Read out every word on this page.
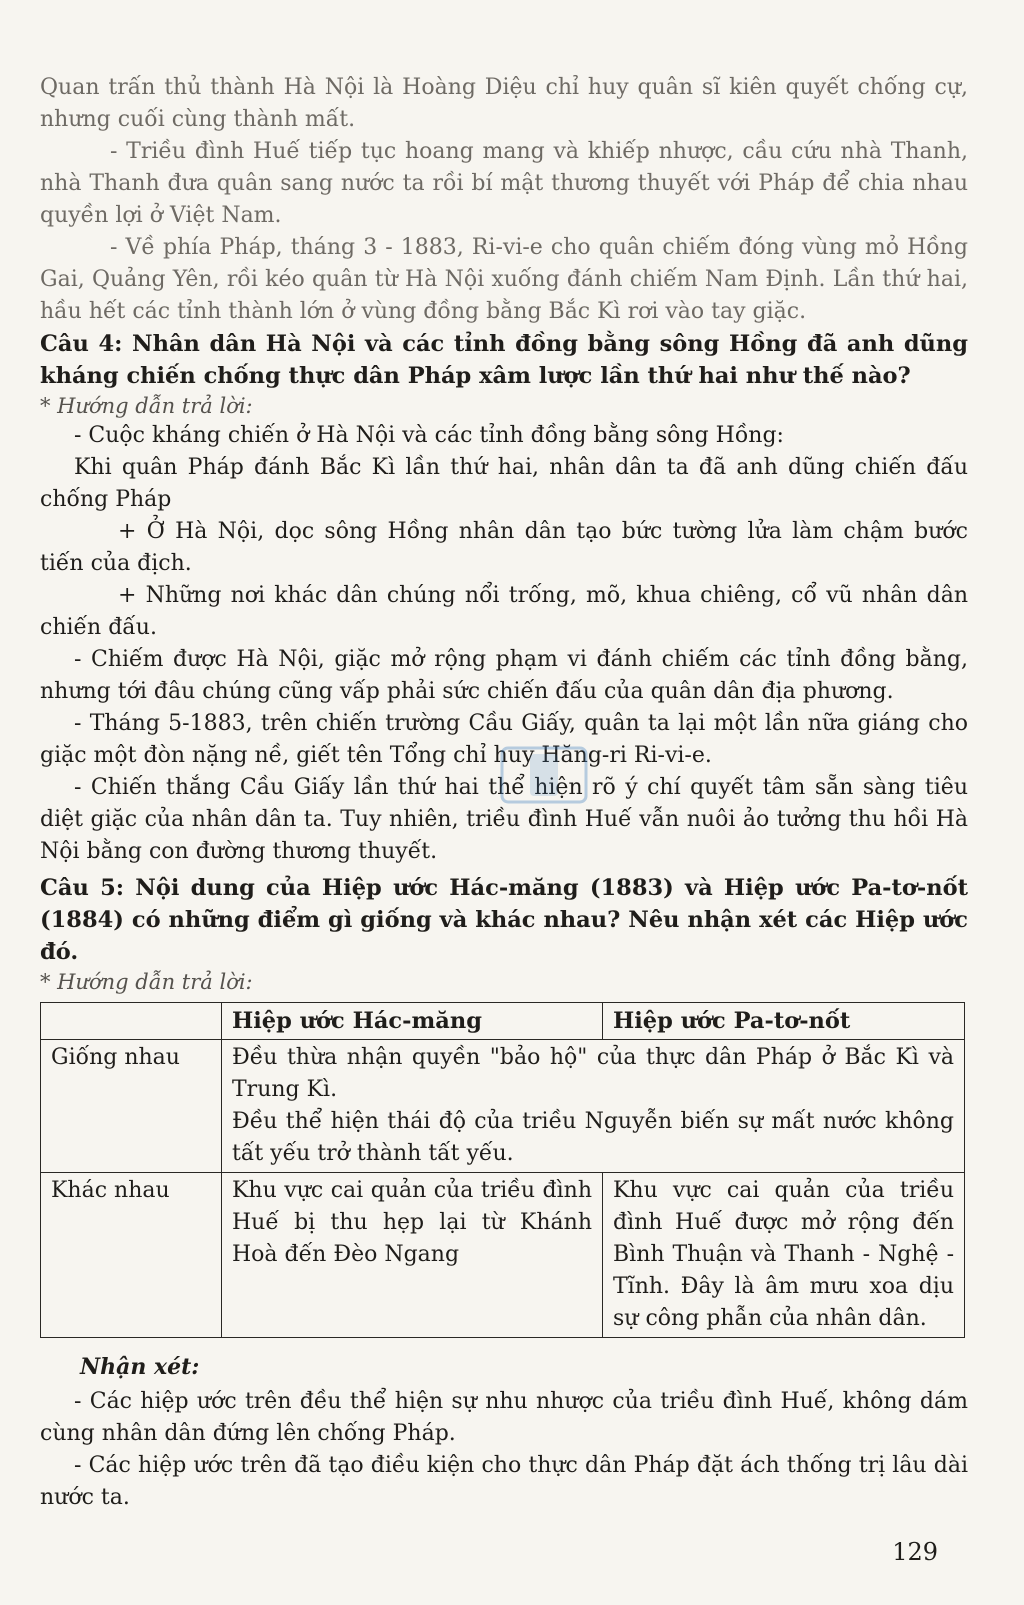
Quan trấn thủ thành Hà Nội là Hoàng Diệu chỉ huy quân sĩ kiên quyết chống cự, nhưng cuối cùng thành mất.

- Triều đình Huế tiếp tục hoang mang và khiếp nhược, cầu cứu nhà Thanh, nhà Thanh đưa quân sang nước ta rồi bí mật thương thuyết với Pháp để chia nhau quyền lợi ở Việt Nam.

- Về phía Pháp, tháng 3 - 1883, Ri-vi-e cho quân chiếm đóng vùng mỏ Hồng Gai, Quảng Yên, rồi kéo quân từ Hà Nội xuống đánh chiếm Nam Định. Lần thứ hai, hầu hết các tỉnh thành lớn ở vùng đồng bằng Bắc Kì rơi vào tay giặc.

Câu 4: Nhân dân Hà Nội và các tỉnh đồng bằng sông Hồng đã anh dũng kháng chiến chống thực dân Pháp xâm lược lần thứ hai như thế nào?

* Hướng dẫn trả lời:

- Cuộc kháng chiến ở Hà Nội và các tỉnh đồng bằng sông Hồng:

Khi quân Pháp đánh Bắc Kì lần thứ hai, nhân dân ta đã anh dũng chiến đấu chống Pháp

+ Ở Hà Nội, dọc sông Hồng nhân dân tạo bức tường lửa làm chậm bước tiến của địch.

+ Những nơi khác dân chúng nổi trống, mõ, khua chiêng, cổ vũ nhân dân chiến đấu.

- Chiếm được Hà Nội, giặc mở rộng phạm vi đánh chiếm các tỉnh đồng bằng, nhưng tới đâu chúng cũng vấp phải sức chiến đấu của quân dân địa phương.

- Tháng 5-1883, trên chiến trường Cầu Giấy, quân ta lại một lần nữa giáng cho giặc một đòn nặng nề, giết tên Tổng chỉ huy Hăng-ri Ri-vi-e.

- Chiến thắng Cầu Giấy lần thứ hai thể hiện rõ ý chí quyết tâm sẵn sàng tiêu diệt giặc của nhân dân ta. Tuy nhiên, triều đình Huế vẫn nuôi ảo tưởng thu hồi Hà Nội bằng con đường thương thuyết.

Câu 5: Nội dung của Hiệp ước Hác-măng (1883) và Hiệp ước Pa-tơ-nốt (1884) có những điểm gì giống và khác nhau? Nêu nhận xét các Hiệp ước đó.

* Hướng dẫn trả lời:

	Hiệp ước Hác-măng	Hiệp ước Pa-tơ-nốt
Giống nhau	Đều thừa nhận quyền "bảo hộ" của thực dân Pháp ở Bắc Kì và Trung Kì.
Đều thể hiện thái độ của triều Nguyễn biến sự mất nước không tất yếu trở thành tất yếu.	

Khác nhau	Khu vực cai quản của triều đình Huế bị thu hẹp lại từ Khánh Hoà đến Đèo Ngang	Khu vực cai quản của triều đình Huế được mở rộng đến Bình Thuận và Thanh - Nghệ - Tĩnh. Đây là âm mưu xoa dịu sự công phẫn của nhân dân.

Nhận xét:

- Các hiệp ước trên đều thể hiện sự nhu nhược của triều đình Huế, không dám cùng nhân dân đứng lên chống Pháp.

- Các hiệp ước trên đã tạo điều kiện cho thực dân Pháp đặt ách thống trị lâu dài nước ta.

129
